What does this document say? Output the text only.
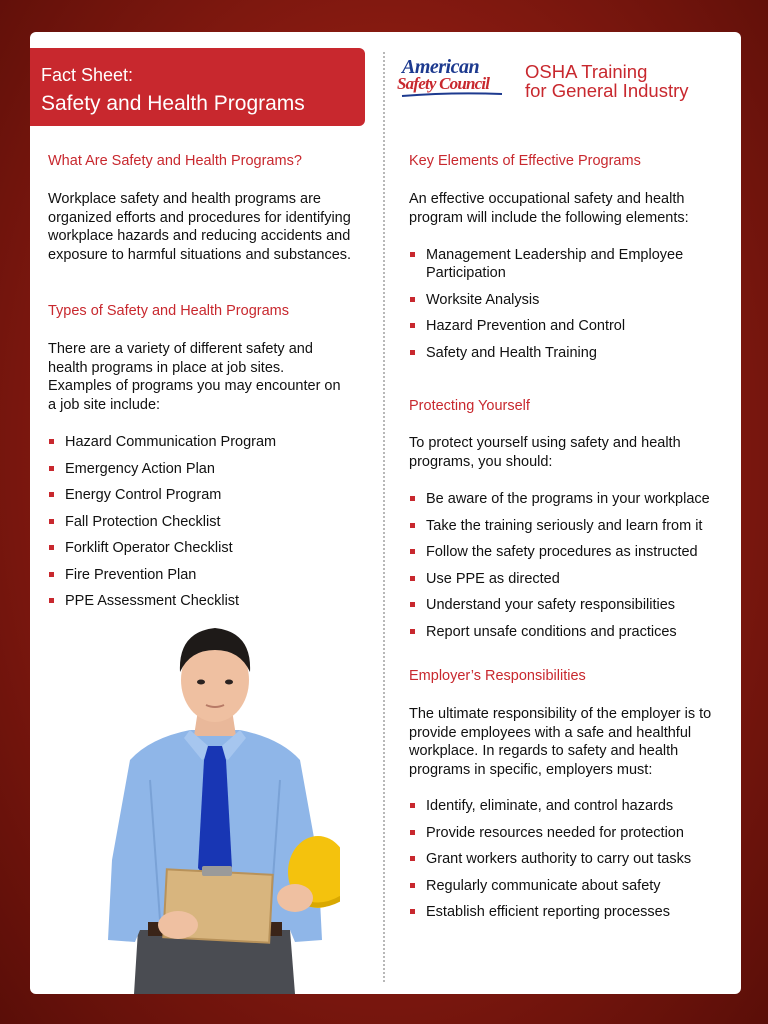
Fact Sheet:
Safety and Health Programs
American
Safety Council
OSHA Training
for General Industry
What Are Safety and Health Programs?
Workplace safety and health programs are organized efforts and procedures for identifying workplace hazards and reducing accidents and exposure to harmful situations and substances.
Types of Safety and Health Programs
There are a variety of different safety and health programs in place at job sites. Examples of programs you may encounter on a job site include:
Hazard Communication Program
Emergency Action Plan
Energy Control Program
Fall Protection Checklist
Forklift Operator Checklist
Fire Prevention Plan
PPE Assessment Checklist
Key Elements of Effective Programs
An effective occupational safety and health program will include the following elements:
Management Leadership and Employee Participation
Worksite Analysis
Hazard Prevention and Control
Safety and Health Training
Protecting Yourself
To protect yourself using safety and health programs, you should:
Be aware of the programs in your workplace
Take the training seriously and learn from it
Follow the safety procedures as instructed
Use PPE as directed
Understand your safety responsibilities
Report unsafe conditions and practices
Employer’s Responsibilities
The ultimate responsibility of the employer is to provide employees with a safe and healthful workplace. In regards to safety and health programs in specific, employers must:
Identify, eliminate, and control hazards
Provide resources needed for protection
Grant workers authority to carry out tasks
Regularly communicate about safety
Establish efficient reporting processes
